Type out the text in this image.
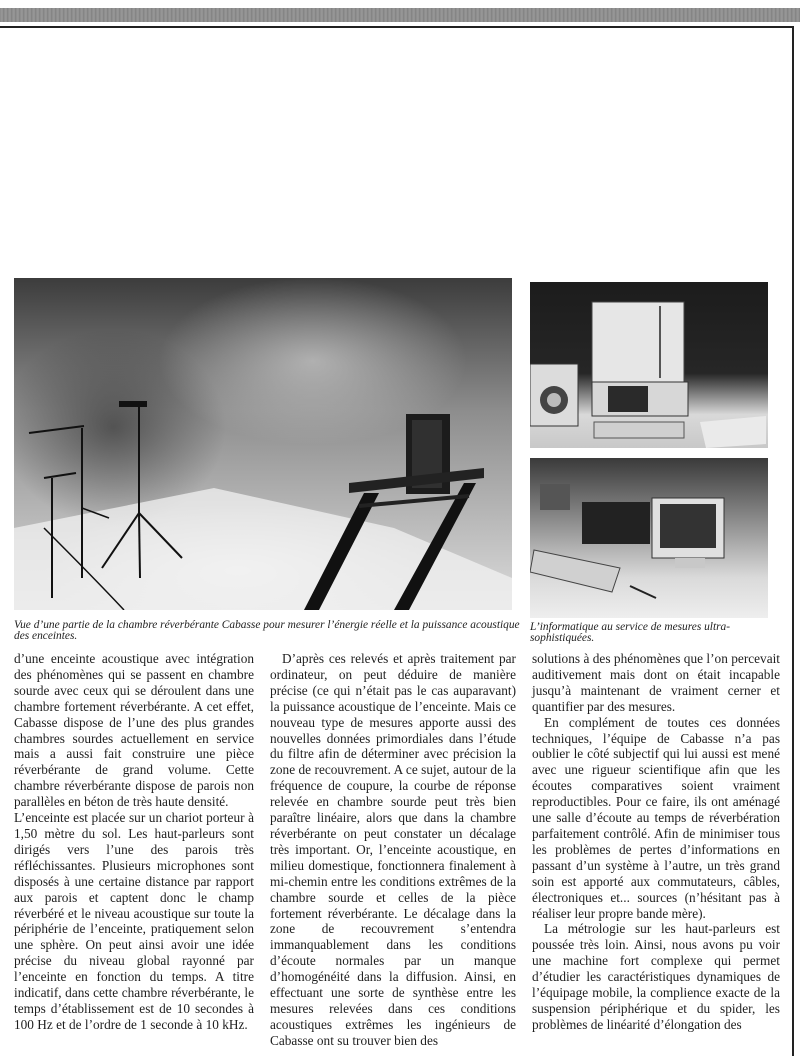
Vue d’une partie de la chambre réverbérante Cabasse pour mesurer l’énergie réelle et la puissance acoustique des enceintes.
L’informatique au service de mesures ultra-sophistiquées.

d’une enceinte acoustique avec intégration des phénomènes qui se passent en chambre sourde avec ceux qui se déroulent dans une chambre fortement réverbérante. A cet effet, Cabasse dispose de l’une des plus grandes chambres sourdes actuellement en service mais a aussi fait construire une pièce réverbérante de grand volume. Cette chambre réverbérante dispose de parois non parallèles en béton de très haute densité.

L’enceinte est placée sur un chariot porteur à 1,50 mètre du sol. Les haut-parleurs sont dirigés vers l’une des parois très réfléchissantes. Plusieurs microphones sont disposés à une certaine distance par rapport aux parois et captent donc le champ réverbéré et le niveau acoustique sur toute la périphérie de l’enceinte, pratiquement selon une sphère. On peut ainsi avoir une idée précise du niveau global rayonné par l’enceinte en fonction du temps. A titre indicatif, dans cette chambre réverbérante, le temps d’établissement est de 10 secondes à 100 Hz et de l’ordre de 1 seconde à 10 kHz.

D’après ces relevés et après traitement par ordinateur, on peut déduire de manière précise (ce qui n’était pas le cas auparavant) la puissance acoustique de l’enceinte. Mais ce nouveau type de mesures apporte aussi des nouvelles données primordiales dans l’étude du filtre afin de déterminer avec précision la zone de recouvrement. A ce sujet, autour de la fréquence de coupure, la courbe de réponse relevée en chambre sourde peut très bien paraître linéaire, alors que dans la chambre réverbérante on peut constater un décalage très important. Or, l’enceinte acoustique, en milieu domestique, fonctionnera finalement à mi-chemin entre les conditions extrêmes de la chambre sourde et celles de la pièce fortement réverbérante. Le décalage dans la zone de recouvrement s’entendra immanquablement dans les conditions d’écoute normales par un manque d’homogénéité dans la diffusion. Ainsi, en effectuant une sorte de synthèse entre les mesures relevées dans ces conditions acoustiques extrêmes les ingénieurs de Cabasse ont su trouver bien des

solutions à des phénomènes que l’on percevait auditivement mais dont on était incapable jusqu’à maintenant de vraiment cerner et quantifier par des mesures.

En complément de toutes ces données techniques, l’équipe de Cabasse n’a pas oublier le côté subjectif qui lui aussi est mené avec une rigueur scientifique afin que les écoutes comparatives soient vraiment reproductibles. Pour ce faire, ils ont aménagé une salle d’écoute au temps de réverbération parfaitement contrôlé. Afin de minimiser tous les problèmes de pertes d’informations en passant d’un système à l’autre, un très grand soin est apporté aux commutateurs, câbles, électroniques et... sources (n’hésitant pas à réaliser leur propre bande mère).

La métrologie sur les haut-parleurs est poussée très loin. Ainsi, nous avons pu voir une machine fort complexe qui permet d’étudier les caractéristiques dynamiques de l’équipage mobile, la complience exacte de la suspension périphérique et du spider, les problèmes de linéarité d’élongation des
